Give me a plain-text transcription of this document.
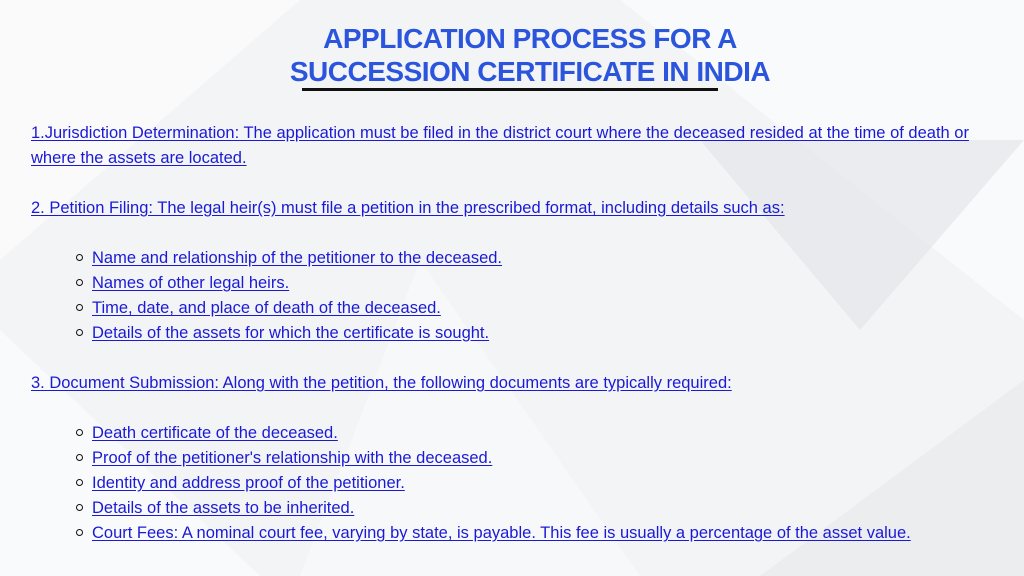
APPLICATION PROCESS FOR A
SUCCESSION CERTIFICATE IN INDIA

1.Jurisdiction Determination: The application must be filed in the district court where the deceased resided at the time of death or where the assets are located.

2. Petition Filing: The legal heir(s) must file a petition in the prescribed format, including details such as:

Name and relationship of the petitioner to the deceased.
Names of other legal heirs.
Time, date, and place of death of the deceased.
Details of the assets for which the certificate is sought.

3. Document Submission: Along with the petition, the following documents are typically required:

Death certificate of the deceased.
Proof of the petitioner's relationship with the deceased.
Identity and address proof of the petitioner.
Details of the assets to be inherited.
Court Fees: A nominal court fee, varying by state, is payable. This fee is usually a percentage of the asset value.
